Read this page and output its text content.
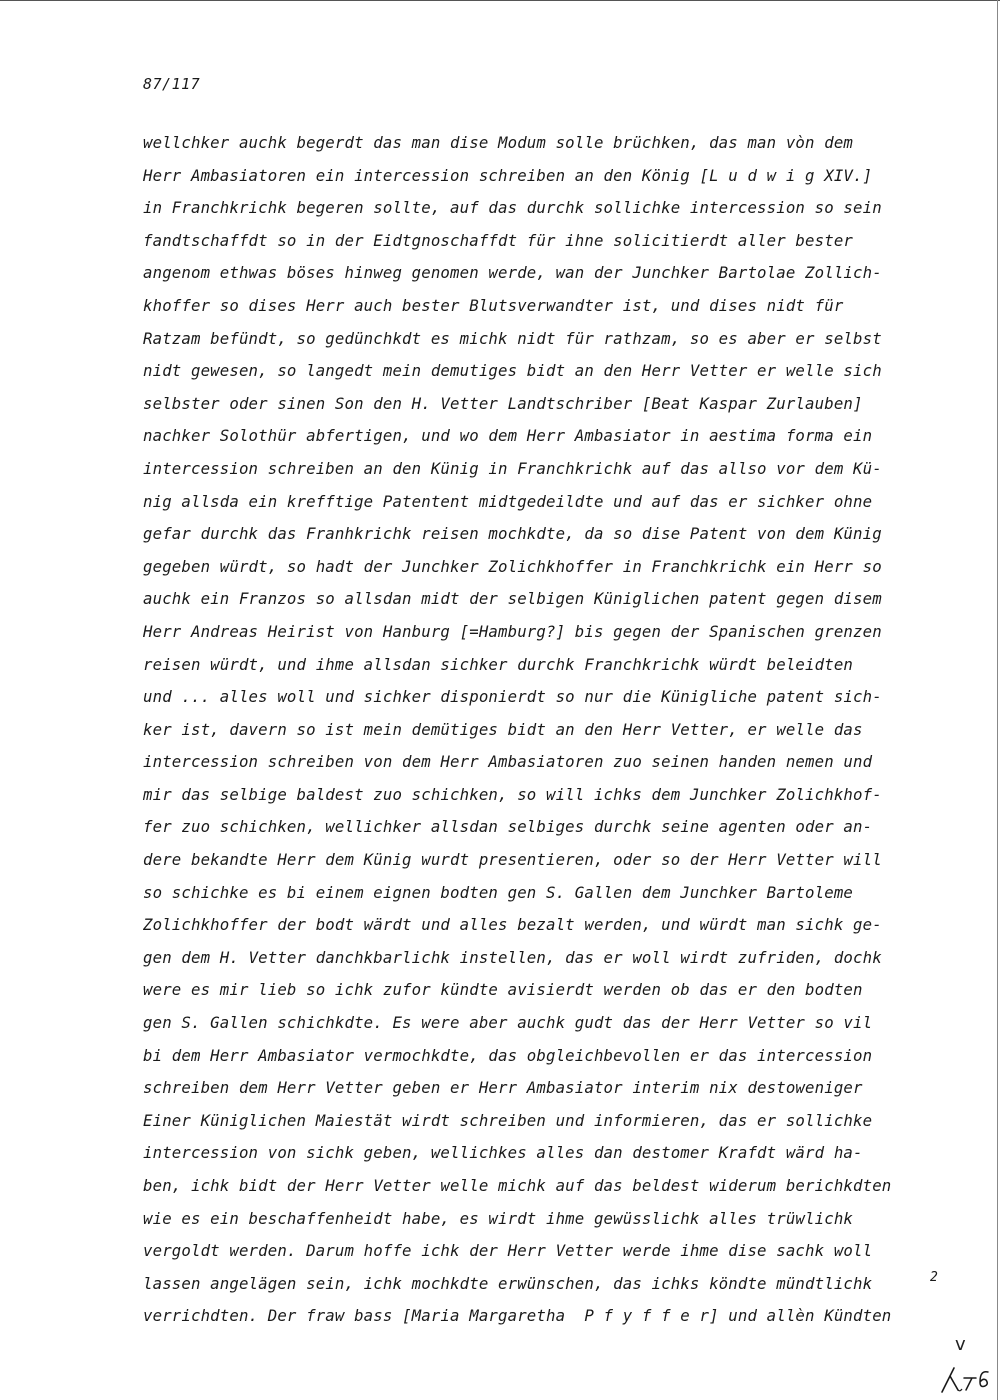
87/117
wellchker auchk begerdt das man dise Modum solle brüchken, das man vòn dem
Herr Ambasiatoren ein intercession schreiben an den König [L u d w i g XIV.]
in Franchkrichk begeren sollte, auf das durchk sollichke intercession so sein
fandtschaffdt so in der Eidtgnoschaffdt für ihne solicitierdt aller bester
angenom ethwas böses hinweg genomen werde, wan der Junchker Bartolae Zollich-
khoffer so dises Herr auch bester Blutsverwandter ist, und dises nidt für
Ratzam befündt, so gedünchkdt es michk nidt für rathzam, so es aber er selbst
nidt gewesen, so langedt mein demutiges bidt an den Herr Vetter er welle sich
selbster oder sinen Son den H. Vetter Landtschriber [Beat Kaspar Zurlauben]
nachker Solothür abfertigen, und wo dem Herr Ambasiator in aestima forma ein
intercession schreiben an den Künig in Franchkrichk auf das allso vor dem Kü-
nig allsda ein krefftige Patentent midtgedeildte und auf das er sichker ohne
gefar durchk das Franhkrichk reisen mochkdte, da so dise Patent von dem Künig
gegeben würdt, so hadt der Junchker Zolichkhoffer in Franchkrichk ein Herr so
auchk ein Franzos so allsdan midt der selbigen Küniglichen patent gegen disem
Herr Andreas Heirist von Hanburg [=Hamburg?] bis gegen der Spanischen grenzen
reisen würdt, und ihme allsdan sichker durchk Franchkrichk würdt beleidten
und ... alles woll und sichker disponierdt so nur die Künigliche patent sich-
ker ist, davern so ist mein demütiges bidt an den Herr Vetter, er welle das
intercession schreiben von dem Herr Ambasiatoren zuo seinen handen nemen und
mir das selbige baldest zuo schichken, so will ichks dem Junchker Zolichkhof-
fer zuo schichken, wellichker allsdan selbiges durchk seine agenten oder an-
dere bekandte Herr dem Künig wurdt presentieren, oder so der Herr Vetter will
so schichke es bi einem eignen bodten gen S. Gallen dem Junchker Bartoleme
Zolichkhoffer der bodt wärdt und alles bezalt werden, und würdt man sichk ge-
gen dem H. Vetter danchkbarlichk instellen, das er woll wirdt zufriden, dochk
were es mir lieb so ichk zufor kündte avisierdt werden ob das er den bodten
gen S. Gallen schichkdte. Es were aber auchk gudt das der Herr Vetter so vil
bi dem Herr Ambasiator vermochkdte, das obgleichbevollen er das intercession
schreiben dem Herr Vetter geben er Herr Ambasiator interim nix destoweniger
Einer Küniglichen Maiestät wirdt schreiben und informieren, das er sollichke
intercession von sichk geben, wellichkes alles dan destomer Krafdt wärd ha-
ben, ichk bidt der Herr Vetter welle michk auf das beldest widerum berichkdten
wie es ein beschaffenheidt habe, es wirdt ihme gewüsslichk alles trüwlichk
vergoldt werden. Darum hoffe ichk der Herr Vetter werde ihme dise sachk woll
lassen angelägen sein, ichk mochkdte erwünschen, das ichks köndte mündtlichk
verrichdten. Der fraw bass [Maria Margaretha  P f y f f e r] und allèn Kündten
2
v
